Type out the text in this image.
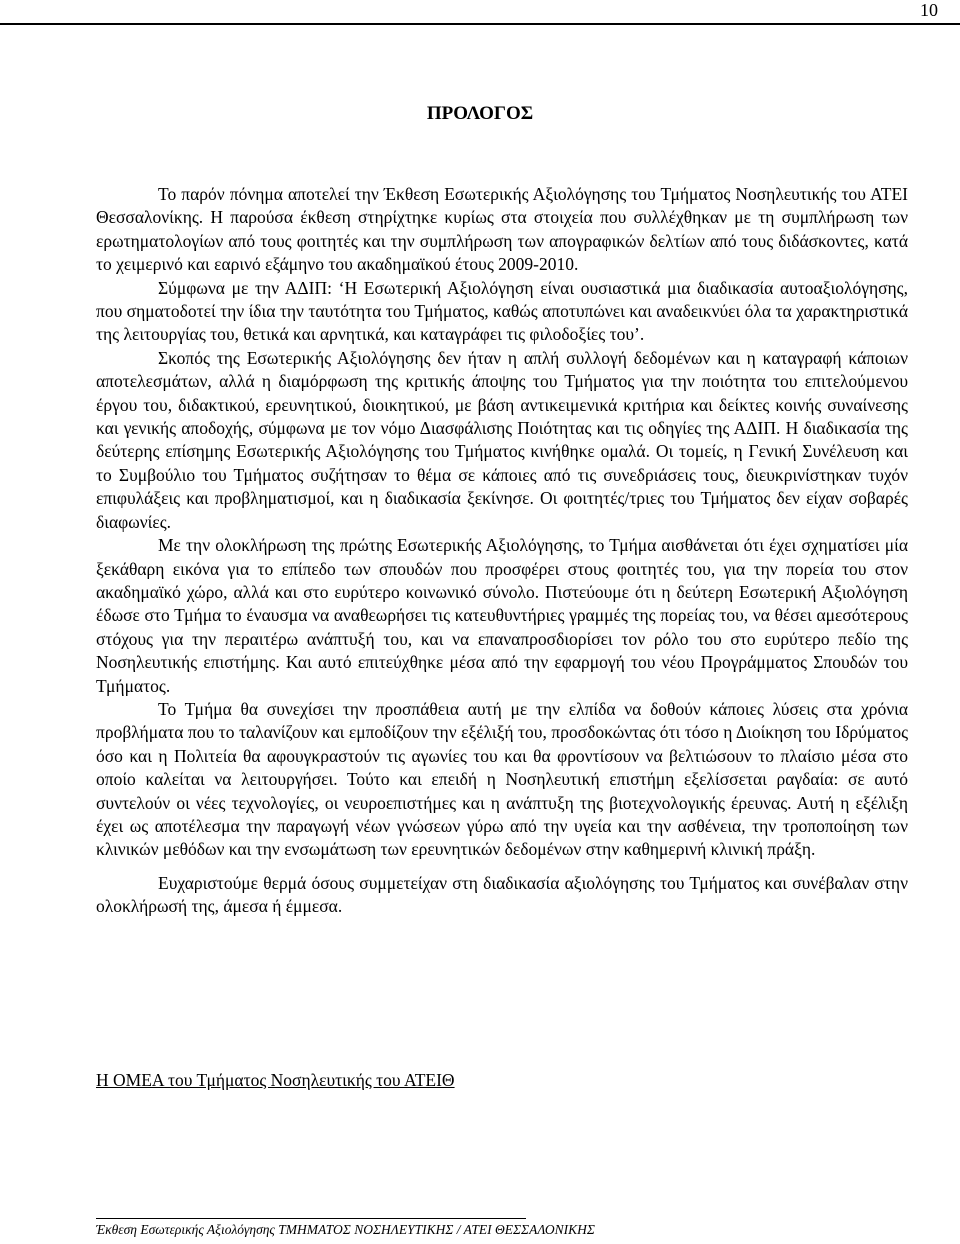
10
ΠΡΟΛΟΓΟΣ

Το παρόν πόνημα αποτελεί την Έκθεση Εσωτερικής Αξιολόγησης του Τμήματος Νοσηλευτικής του ΑΤΕΙ Θεσσαλονίκης. Η παρούσα έκθεση στηρίχτηκε κυρίως στα στοιχεία που συλλέχθηκαν με τη συμπλήρωση των ερωτηματολογίων από τους φοιτητές και την συμπλήρωση των απογραφικών δελτίων από τους διδάσκοντες, κατά το χειμερινό και εαρινό εξάμηνο του ακαδημαϊκού έτους 2009-2010.

Σύμφωνα με την ΑΔΙΠ: ‘Η Εσωτερική Αξιολόγηση είναι ουσιαστικά μια διαδικασία αυτοαξιολόγησης, που σηματοδοτεί την ίδια την ταυτότητα του Τμήματος, καθώς αποτυπώνει και αναδεικνύει όλα τα χαρακτηριστικά της λειτουργίας του, θετικά και αρνητικά, και καταγράφει τις φιλοδοξίες του’.

Σκοπός της Εσωτερικής Αξιολόγησης δεν ήταν η απλή συλλογή δεδομένων και η καταγραφή κάποιων αποτελεσμάτων, αλλά η διαμόρφωση της κριτικής άποψης του Τμήματος για την ποιότητα του επιτελούμενου έργου του, διδακτικού, ερευνητικού, διοικητικού, με βάση αντικειμενικά κριτήρια και δείκτες κοινής συναίνεσης και γενικής αποδοχής, σύμφωνα με τον νόμο Διασφάλισης Ποιότητας και τις οδηγίες της ΑΔΙΠ. Η διαδικασία της δεύτερης επίσημης Εσωτερικής Αξιολόγησης του Τμήματος κινήθηκε ομαλά. Οι τομείς, η Γενική Συνέλευση και το Συμβούλιο του Τμήματος συζήτησαν το θέμα σε κάποιες από τις συνεδριάσεις τους, διευκρινίστηκαν τυχόν επιφυλάξεις και προβληματισμοί, και η διαδικασία ξεκίνησε. Οι φοιτητές/τριες του Τμήματος δεν είχαν σοβαρές διαφωνίες.

Με την ολοκλήρωση της πρώτης Εσωτερικής Αξιολόγησης, το Τμήμα αισθάνεται ότι έχει σχηματίσει μία ξεκάθαρη εικόνα για το επίπεδο των σπουδών που προσφέρει στους φοιτητές του, για την πορεία του στον ακαδημαϊκό χώρο, αλλά και στο ευρύτερο κοινωνικό σύνολο. Πιστεύουμε ότι η δεύτερη Εσωτερική Αξιολόγηση έδωσε στο Τμήμα το έναυσμα να αναθεωρήσει τις κατευθυντήριες γραμμές της πορείας του, να θέσει αμεσότερους στόχους για την περαιτέρω ανάπτυξή του, και να επαναπροσδιορίσει τον ρόλο του στο ευρύτερο πεδίο της Νοσηλευτικής επιστήμης. Και αυτό επιτεύχθηκε μέσα από την εφαρμογή του νέου Προγράμματος Σπουδών του Τμήματος.

Το Τμήμα θα συνεχίσει την προσπάθεια αυτή με την ελπίδα να δοθούν κάποιες λύσεις στα χρόνια προβλήματα που το ταλανίζουν και εμποδίζουν την εξέλιξή του, προσδοκώντας ότι τόσο η Διοίκηση του Ιδρύματος όσο και η Πολιτεία θα αφουγκραστούν τις αγωνίες του και θα φροντίσουν να βελτιώσουν το πλαίσιο μέσα στο οποίο καλείται να λειτουργήσει. Τούτο και επειδή η Νοσηλευτική επιστήμη εξελίσσεται ραγδαία: σε αυτό συντελούν οι νέες τεχνολογίες, οι νευροεπιστήμες και η ανάπτυξη της βιοτεχνολογικής έρευνας. Αυτή η εξέλιξη έχει ως αποτέλεσμα την παραγωγή νέων γνώσεων γύρω από την υγεία και την ασθένεια, την τροποποίηση των κλινικών μεθόδων και την ενσωμάτωση των ερευνητικών δεδομένων στην καθημερινή κλινική πράξη.

Ευχαριστούμε θερμά όσους συμμετείχαν στη διαδικασία αξιολόγησης του Τμήματος και συνέβαλαν στην ολοκλήρωσή της, άμεσα ή έμμεσα.

Η ΟΜΕΑ του Τμήματος Νοσηλευτικής του ΑΤΕΙΘ
Έκθεση Εσωτερικής Αξιολόγησης ΤΜΗΜΑΤΟΣ ΝΟΣΗΛΕΥΤΙΚΗΣ / ΑΤΕΙ ΘΕΣΣΑΛΟΝΙΚΗΣ
